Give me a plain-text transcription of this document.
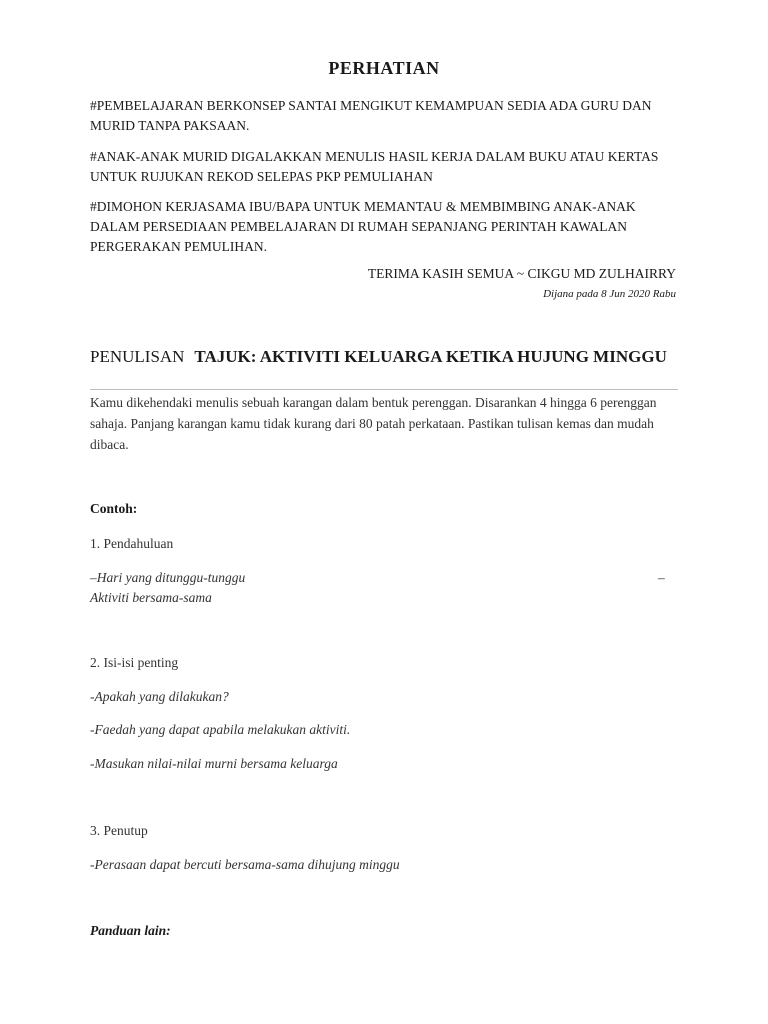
PERHATIAN

#PEMBELAJARAN BERKONSEP SANTAI MENGIKUT KEMAMPUAN SEDIA ADA GURU DAN MURID TANPA PAKSAAN.

#ANAK-ANAK MURID DIGALAKKAN MENULIS HASIL KERJA DALAM BUKU ATAU KERTAS UNTUK RUJUKAN REKOD SELEPAS PKP PEMULIAHAN

#DIMOHON KERJASAMA IBU/BAPA UNTUK MEMANTAU & MEMBIMBING ANAK-ANAK DALAM PERSEDIAAN PEMBELAJARAN DI RUMAH SEPANJANG PERINTAH KAWALAN PERGERAKAN PEMULIHAN.

TERIMA KASIH SEMUA ~ CIKGU MD ZULHAIRRY

Dijana pada 8 Jun 2020 Rabu

PENULISAN TAJUK: AKTIVITI KELUARGA KETIKA HUJUNG MINGGU

Kamu dikehendaki menulis sebuah karangan dalam bentuk perenggan. Disarankan 4 hingga 6 perenggan sahaja. Panjang karangan kamu tidak kurang dari 80 patah perkataan. Pastikan tulisan kemas dan mudah dibaca.

Contoh:

1. Pendahuluan

–Hari yang ditunggu-tunggu	–

Aktiviti bersama-sama

2. Isi-isi penting

-Apakah yang dilakukan?

-Faedah yang dapat apabila melakukan aktiviti.

-Masukan nilai-nilai murni bersama keluarga

3. Penutup

-Perasaan dapat bercuti bersama-sama dihujung minggu

Panduan lain:
